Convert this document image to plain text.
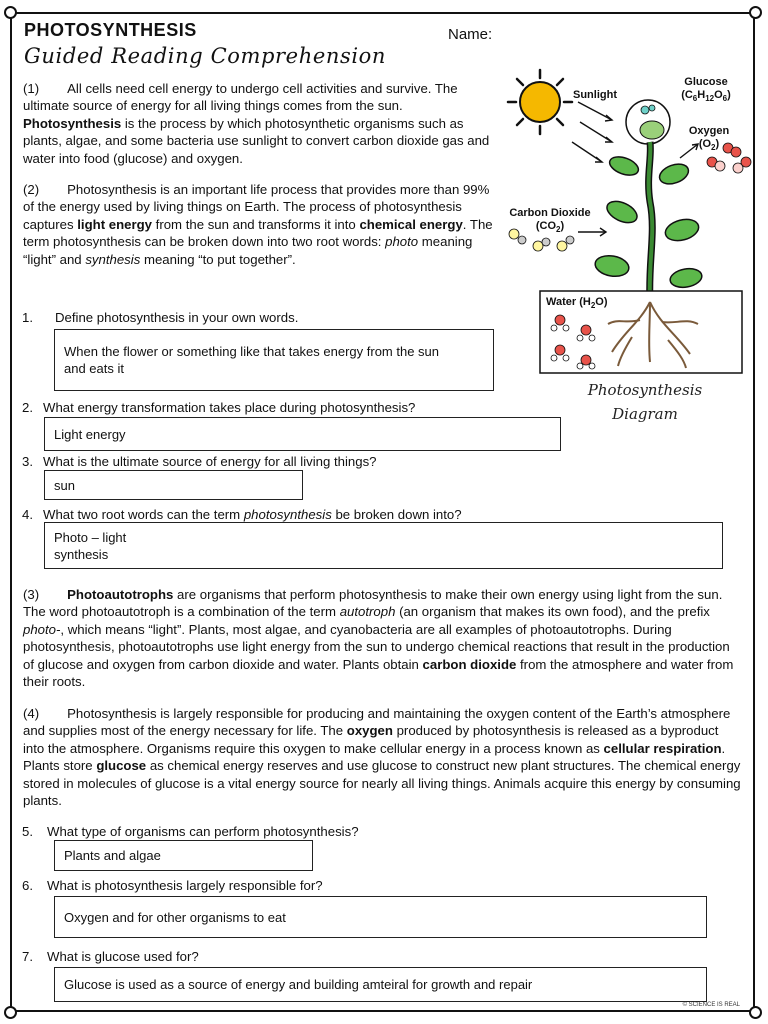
PHOTOSYNTHESIS
Guided Reading Comprehension
Name:

(1) All cells need cell energy to undergo cell activities and survive. The ultimate source of energy for all living things comes from the sun. Photosynthesis is the process by which photosynthetic organisms such as plants, algae, and some bacteria use sunlight to convert carbon dioxide gas and water into food (glucose) and oxygen.

(2) Photosynthesis is an important life process that provides more than 99% of the energy used by living things on Earth. The process of photosynthesis captures light energy from the sun and transforms it into chemical energy. The term photosynthesis can be broken down into two root words: photo meaning “light” and synthesis meaning “to put together”.

1. Define photosynthesis in your own words.
When the flower or something like that takes energy from the sun
and eats it
2. What energy transformation takes place during photosynthesis?
Light energy
3. What is the ultimate source of energy for all living things?
sun
4. What two root words can the term photosynthesis be broken down into?
Photo – light
synthesis

(3) Photoautotrophs are organisms that perform photosynthesis to make their own energy using light from the sun. The word photoautotroph is a combination of the term autotroph (an organism that makes its own food), and the prefix photo-, which means “light”. Plants, most algae, and cyanobacteria are all examples of photoautotrophs. During photosynthesis, photoautotrophs use light energy from the sun to undergo chemical reactions that result in the production of glucose and oxygen from carbon dioxide and water. Plants obtain carbon dioxide from the atmosphere and water from their roots.

(4) Photosynthesis is largely responsible for producing and maintaining the oxygen content of the Earth’s atmosphere and supplies most of the energy necessary for life. The oxygen produced by photosynthesis is released as a byproduct into the atmosphere. Organisms require this oxygen to make cellular energy in a process known as cellular respiration. Plants store glucose as chemical energy reserves and use glucose to construct new plant structures. The chemical energy stored in molecules of glucose is a vital energy source for nearly all living things. Animals acquire this energy by consuming plants.

5. What type of organisms can perform photosynthesis?
Plants and algae
6. What is photosynthesis largely responsible for?
Oxygen and for other organisms to eat
7. What is glucose used for?
Glucose is used as a source of energy and building amteiral for growth and repair
Sunlight
Glucose
$(C_6H_{12}O_6)$
Oxygen
$(O_2)$
Carbon Dioxide
$(CO_2)$
Water $(H_2O)$
Photosynthesis
Diagram
© SCIENCE IS REAL
